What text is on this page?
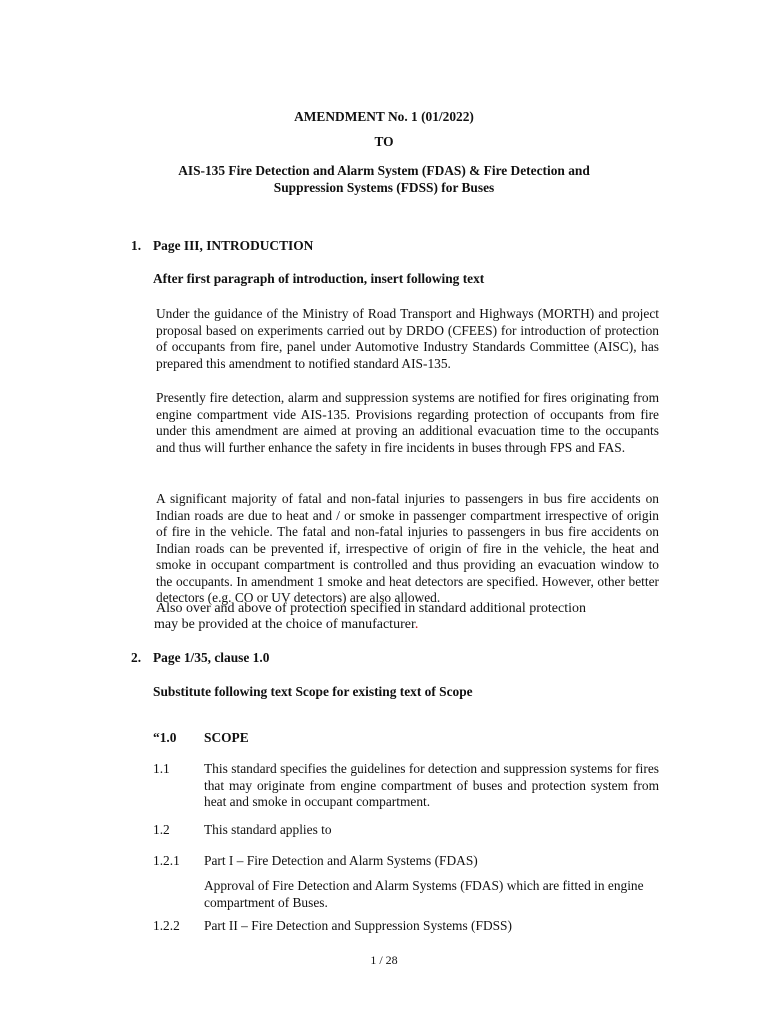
AMENDMENT No. 1 (01/2022)
TO
AIS-135 Fire Detection and Alarm System (FDAS) & Fire Detection and
Suppression Systems (FDSS) for Buses
1. Page III, INTRODUCTION
After first paragraph of introduction, insert following text
Under the guidance of the Ministry of Road Transport and Highways (MORTH) and project proposal based on experiments carried out by DRDO (CFEES) for introduction of protection of occupants from fire, panel under Automotive Industry Standards Committee (AISC), has prepared this amendment to notified standard AIS-135.
Presently fire detection, alarm and suppression systems are notified for fires originating from engine compartment vide AIS-135. Provisions regarding protection of occupants from fire under this amendment are aimed at proving an additional evacuation time to the occupants and thus will further enhance the safety in fire incidents in buses through FPS and FAS.
A significant majority of fatal and non-fatal injuries to passengers in bus fire accidents on Indian roads are due to heat and / or smoke in passenger compartment irrespective of origin of fire in the vehicle. The fatal and non-fatal injuries to passengers in bus fire accidents on Indian roads can be prevented if, irrespective of origin of fire in the vehicle, the heat and smoke in occupant compartment is controlled and thus providing an evacuation window to the occupants. In amendment 1 smoke and heat detectors are specified. However, other better detectors (e.g. CO or UV detectors) are also allowed.
Also over and above of protection specified in standard additional protection
may be provided at the choice of manufacturer.
2. Page 1/35, clause 1.0
Substitute following text Scope for existing text of Scope
“1.0 SCOPE
1.1	This standard specifies the guidelines for detection and suppression systems for fires that may originate from engine compartment of buses and protection system from heat and smoke in occupant compartment.
1.2	This standard applies to
1.2.1 Part I – Fire Detection and Alarm Systems (FDAS)
Approval of Fire Detection and Alarm Systems (FDAS) which are fitted in engine compartment of Buses.
1.2.2 Part II – Fire Detection and Suppression Systems (FDSS)
1 / 28
